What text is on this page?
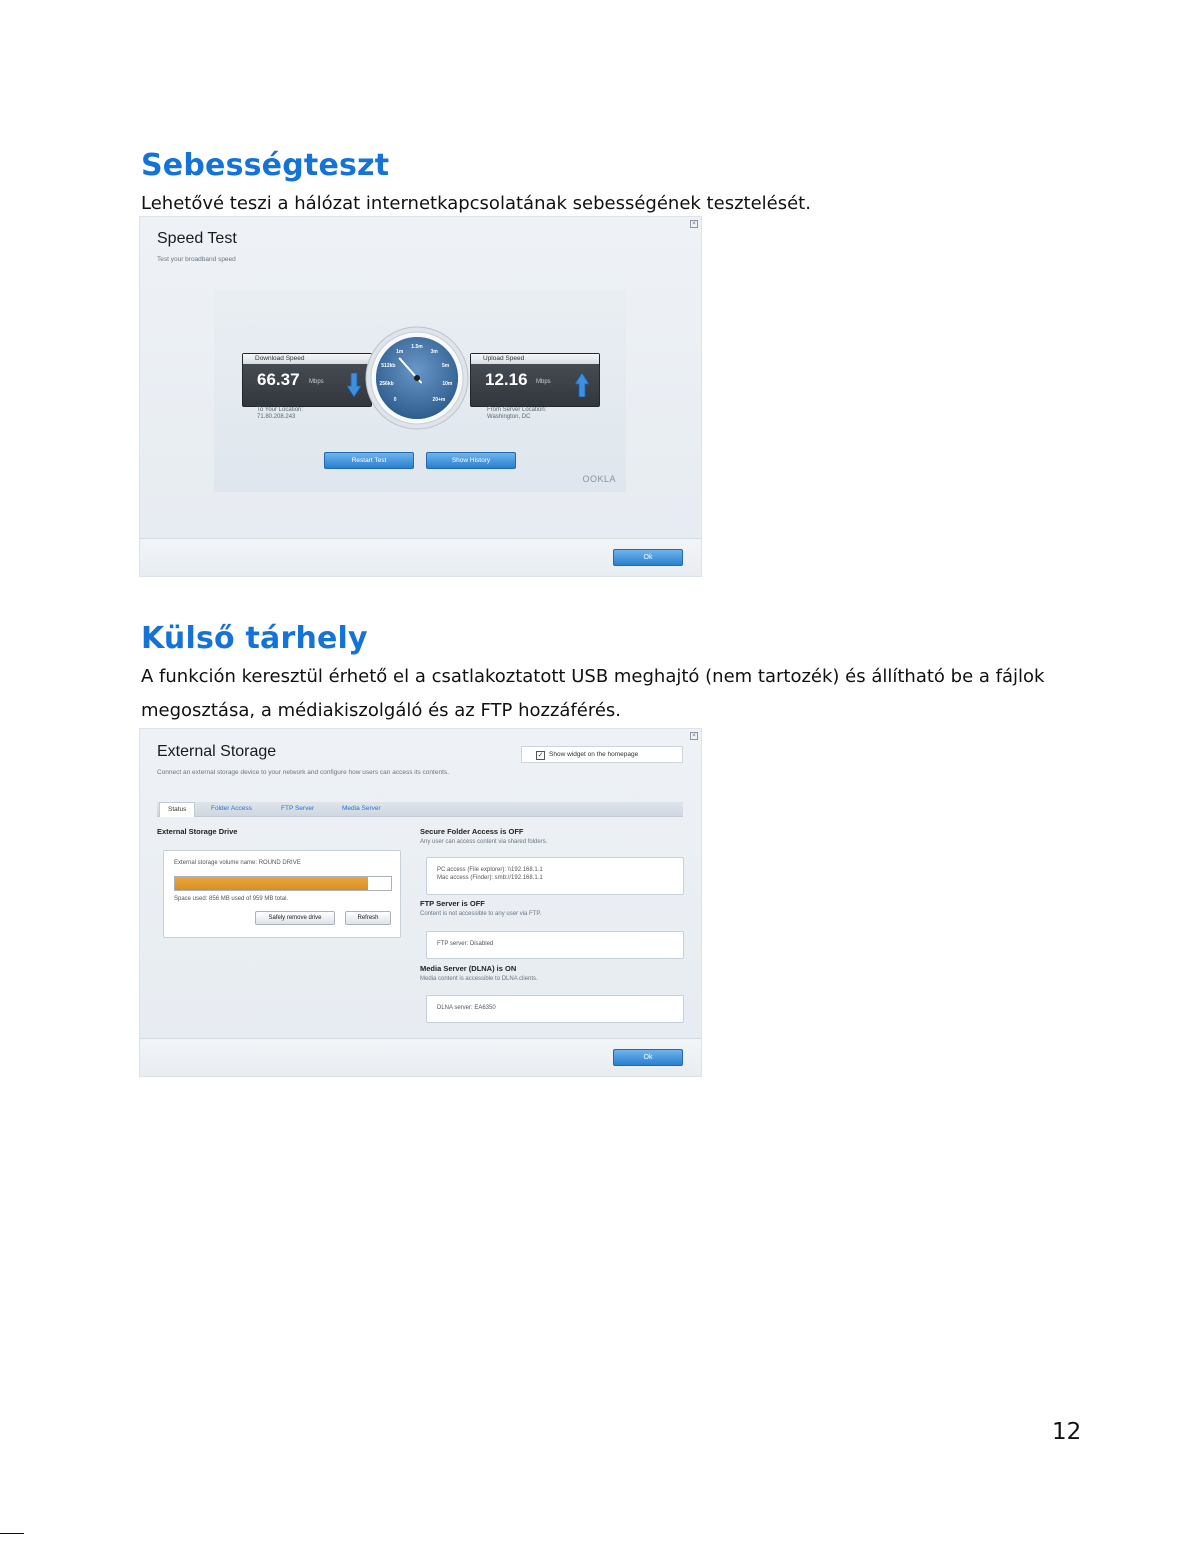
Sebességteszt

Lehetővé teszi a hálózat internetkapcsolatának sebességének tesztelését.

Speed Test
Test your broadband speed
×
Download Speed
66.37 Mbps
To Your Location:
71.80.208.243
Upload Speed
12.16 Mbps
From Server Location:
Washington, DC
0
256kb
512kb
1m
1.5m
3m
5m
10m
20+m
Restart Test	Show History
OOKLA
Ok
Külső tárhely

A funkción keresztül érhető el a csatlakoztatott USB meghajtó (nem tartozék) és állítható be a fájlok megosztása, a médiakiszolgáló és az FTP hozzáférés.

External Storage
Connect an external storage device to your network and configure how users can access its contents.
×
✓ Show widget on the homepage
Status	Folder Access	FTP Server	Media Server
External Storage Drive
External storage volume name: ROUND DRIVE
Space used: 856 MB used of 959 MB total.
Safely remove drive	Refresh
Secure Folder Access is OFF
Any user can access content via shared folders.
PC access (File explorer): \\192.168.1.1
Mac access (Finder): smb://192.168.1.1
FTP Server is OFF
Content is not accessible to any user via FTP.
FTP server: Disabled
Media Server (DLNA) is ON
Media content is accessible to DLNA clients.
DLNA server: EA6350
Ok
12
